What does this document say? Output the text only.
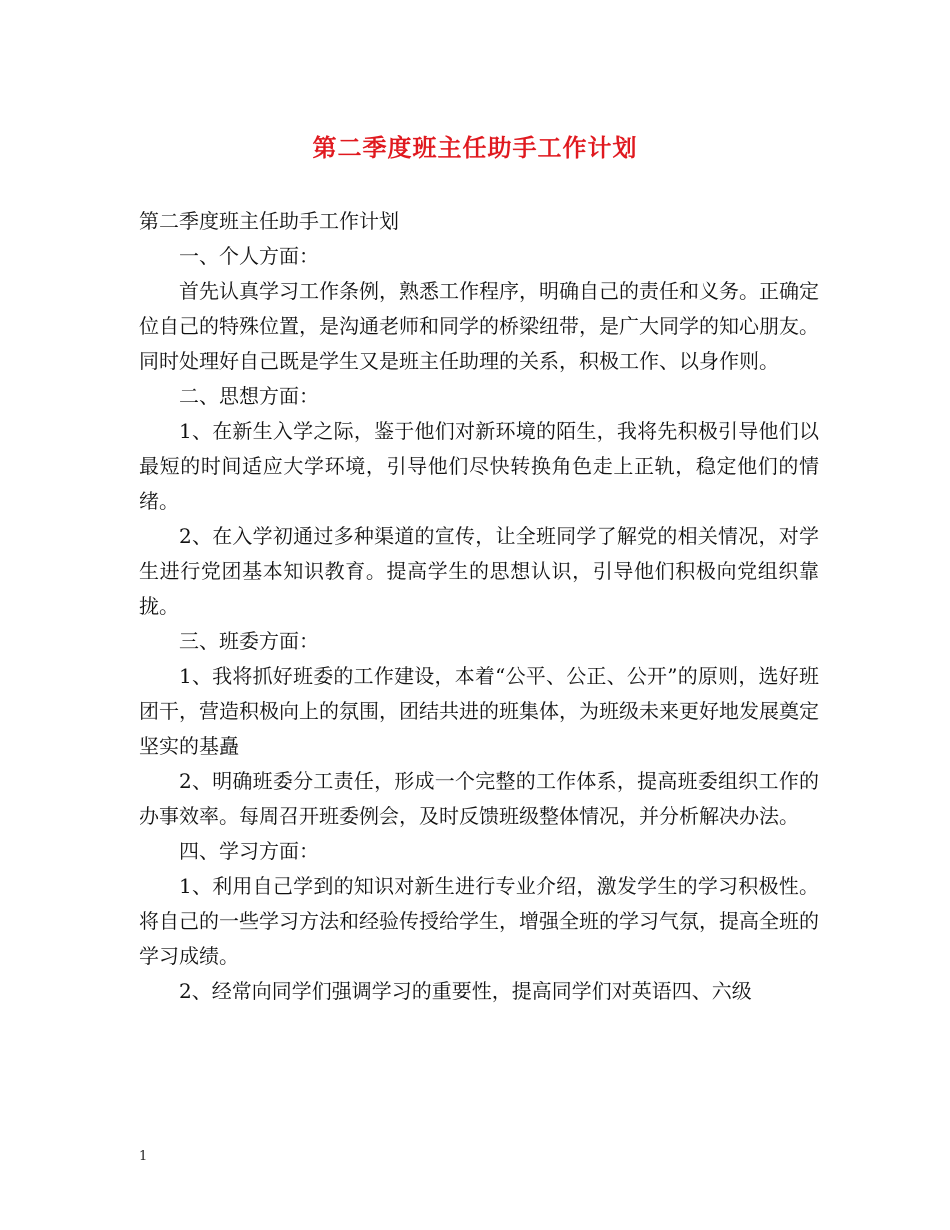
第二季度班主任助手工作计划

第二季度班主任助手工作计划

一、个人方面：

首先认真学习工作条例，熟悉工作程序，明确自己的责任和义务。正确定位自己的特殊位置，是沟通老师和同学的桥梁纽带，是广大同学的知心朋友。同时处理好自己既是学生又是班主任助理的关系，积极工作、以身作则。

二、思想方面：

1、在新生入学之际，鉴于他们对新环境的陌生，我将先积极引导他们以最短的时间适应大学环境，引导他们尽快转换角色走上正轨，稳定他们的情绪。

2、在入学初通过多种渠道的宣传，让全班同学了解党的相关情况，对学生进行党团基本知识教育。提高学生的思想认识，引导他们积极向党组织靠拢。

三、班委方面：

1、我将抓好班委的工作建设，本着“公平、公正、公开”的原则，选好班团干，营造积极向上的氛围，团结共进的班集体，为班级未来更好地发展奠定坚实的基矗

2、明确班委分工责任，形成一个完整的工作体系，提高班委组织工作的办事效率。每周召开班委例会，及时反馈班级整体情况，并分析解决办法。

四、学习方面：

1、利用自己学到的知识对新生进行专业介绍，激发学生的学习积极性。将自己的一些学习方法和经验传授给学生，增强全班的学习气氛，提高全班的学习成绩。

2、经常向同学们强调学习的重要性，提高同学们对英语四、六级

1
